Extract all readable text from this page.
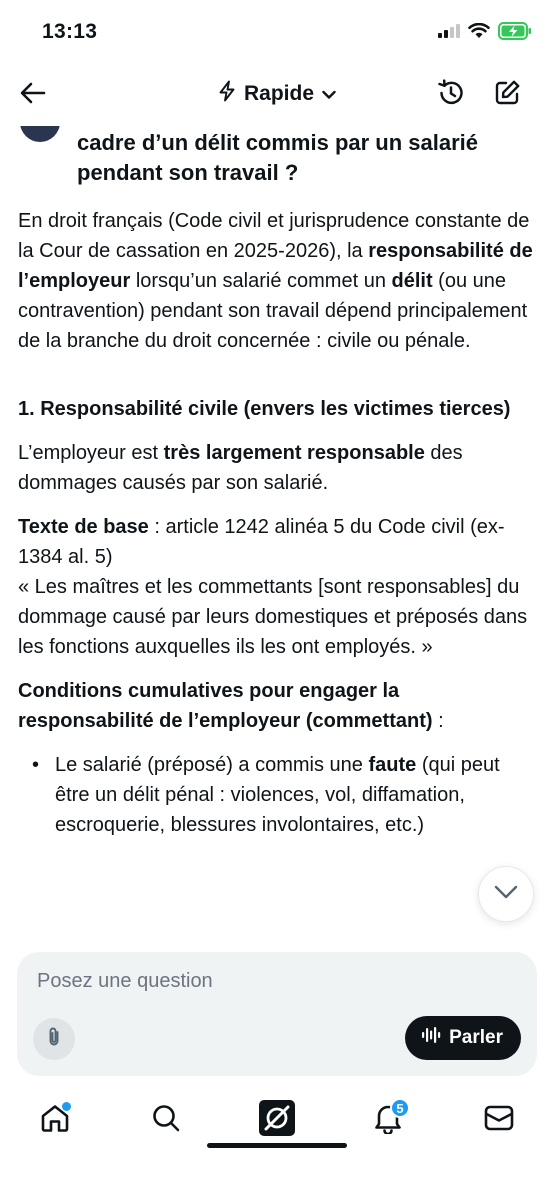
13:13
Rapide
cadre d’un délit commis par un salarié pendant son travail ?

En droit français (Code civil et jurisprudence constante de la Cour de cassation en 2025-2026), la responsabilité de l’employeur lorsqu’un salarié commet un délit (ou une contravention) pendant son travail dépend principalement de la branche du droit concernée : civile ou pénale.

1. Responsabilité civile (envers les victimes tierces)

L’employeur est très largement responsable des dommages causés par son salarié.

Texte de base : article 1242 alinéa 5 du Code civil (ex-1384 al. 5)
« Les maîtres et les commettants [sont responsables] du dommage causé par leurs domestiques et préposés dans les fonctions auxquelles ils les ont employés. »

Conditions cumulatives pour engager la responsabilité de l’employeur (commettant) :

• Le salarié (préposé) a commis une faute (qui peut être un délit pénal : violences, vol, diffamation, escroquerie, blessures involontaires, etc.)
Posez une question
Parler
5
